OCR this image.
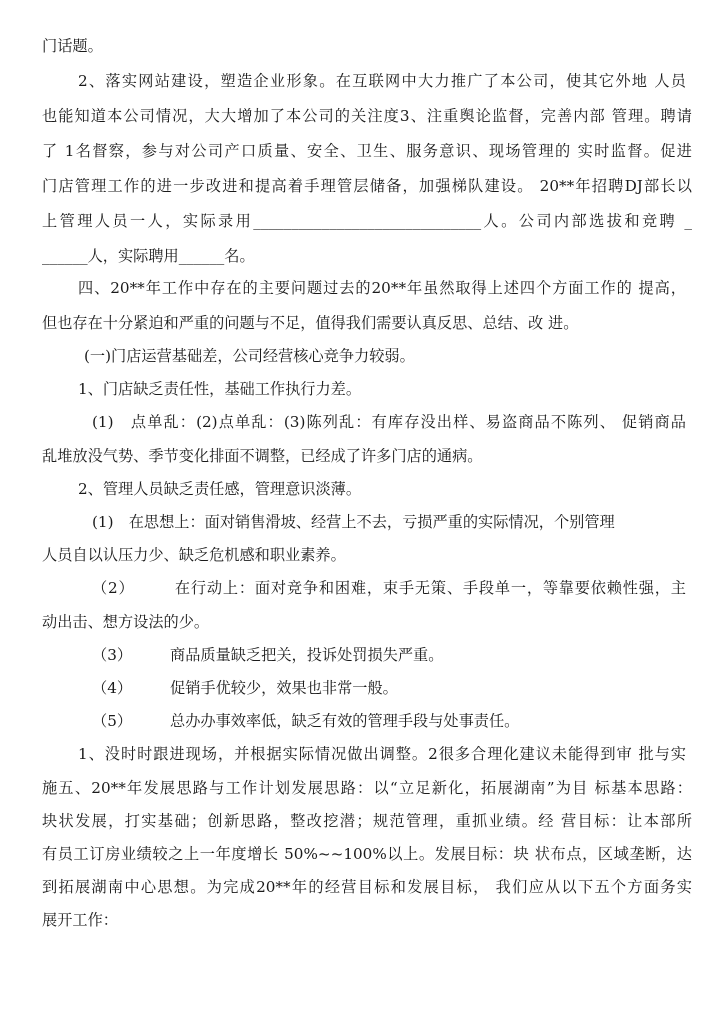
门话题。
2、落实网站建设，塑造企业形象。在互联网中大力推广了本公司，使其它外地 人员
也能知道本公司情况，大大增加了本公司的关注度3、注重舆论监督，完善内部 管理。聘请
了 1名督察，参与对公司产口质量、安全、卫生、服务意识、现场管理的 实时监督。促进
门店管理工作的进一步改进和提高着手理管层储备，加强梯队建设。 20**年招聘DJ部长以
上管理人员一人，实际录用______________________________人。公司内部选拔和竞聘 _
______人，实际聘用______名。
四、20**年工作中存在的主要问题过去的20**年虽然取得上述四个方面工作的 提高，
但也存在十分紧迫和严重的问题与不足，值得我们需要认真反思、总结、改 进。
(一)门店运营基础差，公司经营核心竞争力较弱。
1、门店缺乏责任性，基础工作执行力差。
(1)　点单乱：(2)点单乱：(3)陈列乱：有库存没出样、易盗商品不陈列、 促销商品
乱堆放没气势、季节变化排面不调整，已经成了许多门店的通病。
2、管理人员缺乏责任感，管理意识淡薄。
(1)　在思想上：面对销售滑坡、经营上不去，亏损严重的实际情况，个别管理
人员自以认压力少、缺乏危机感和职业素养。
（2）　　　在行动上：面对竞争和困难，束手无策、手段单一，等靠要依赖性强，主
动出击、想方设法的少。
（3）　　　商品质量缺乏把关，投诉处罚损失严重。
（4）　　　促销手优较少，效果也非常一般。
（5）　　　总办办事效率低，缺乏有效的管理手段与处事责任。
1、没时时跟进现场，并根据实际情况做出调整。2很多合理化建议未能得到审 批与实
施五、20**年发展思路与工作计划发展思路：以“立足新化，拓展湖南”为目 标基本思路：
块状发展，打实基础；创新思路，整改挖潜；规范管理，重抓业绩。经 营目标：让本部所
有员工订房业绩较之上一年度增长 50%~~100%以上。发展目标：块 状布点，区域垄断，达
到拓展湖南中心思想。为完成20**年的经营目标和发展目标， 我们应从以下五个方面务实
展开工作：
